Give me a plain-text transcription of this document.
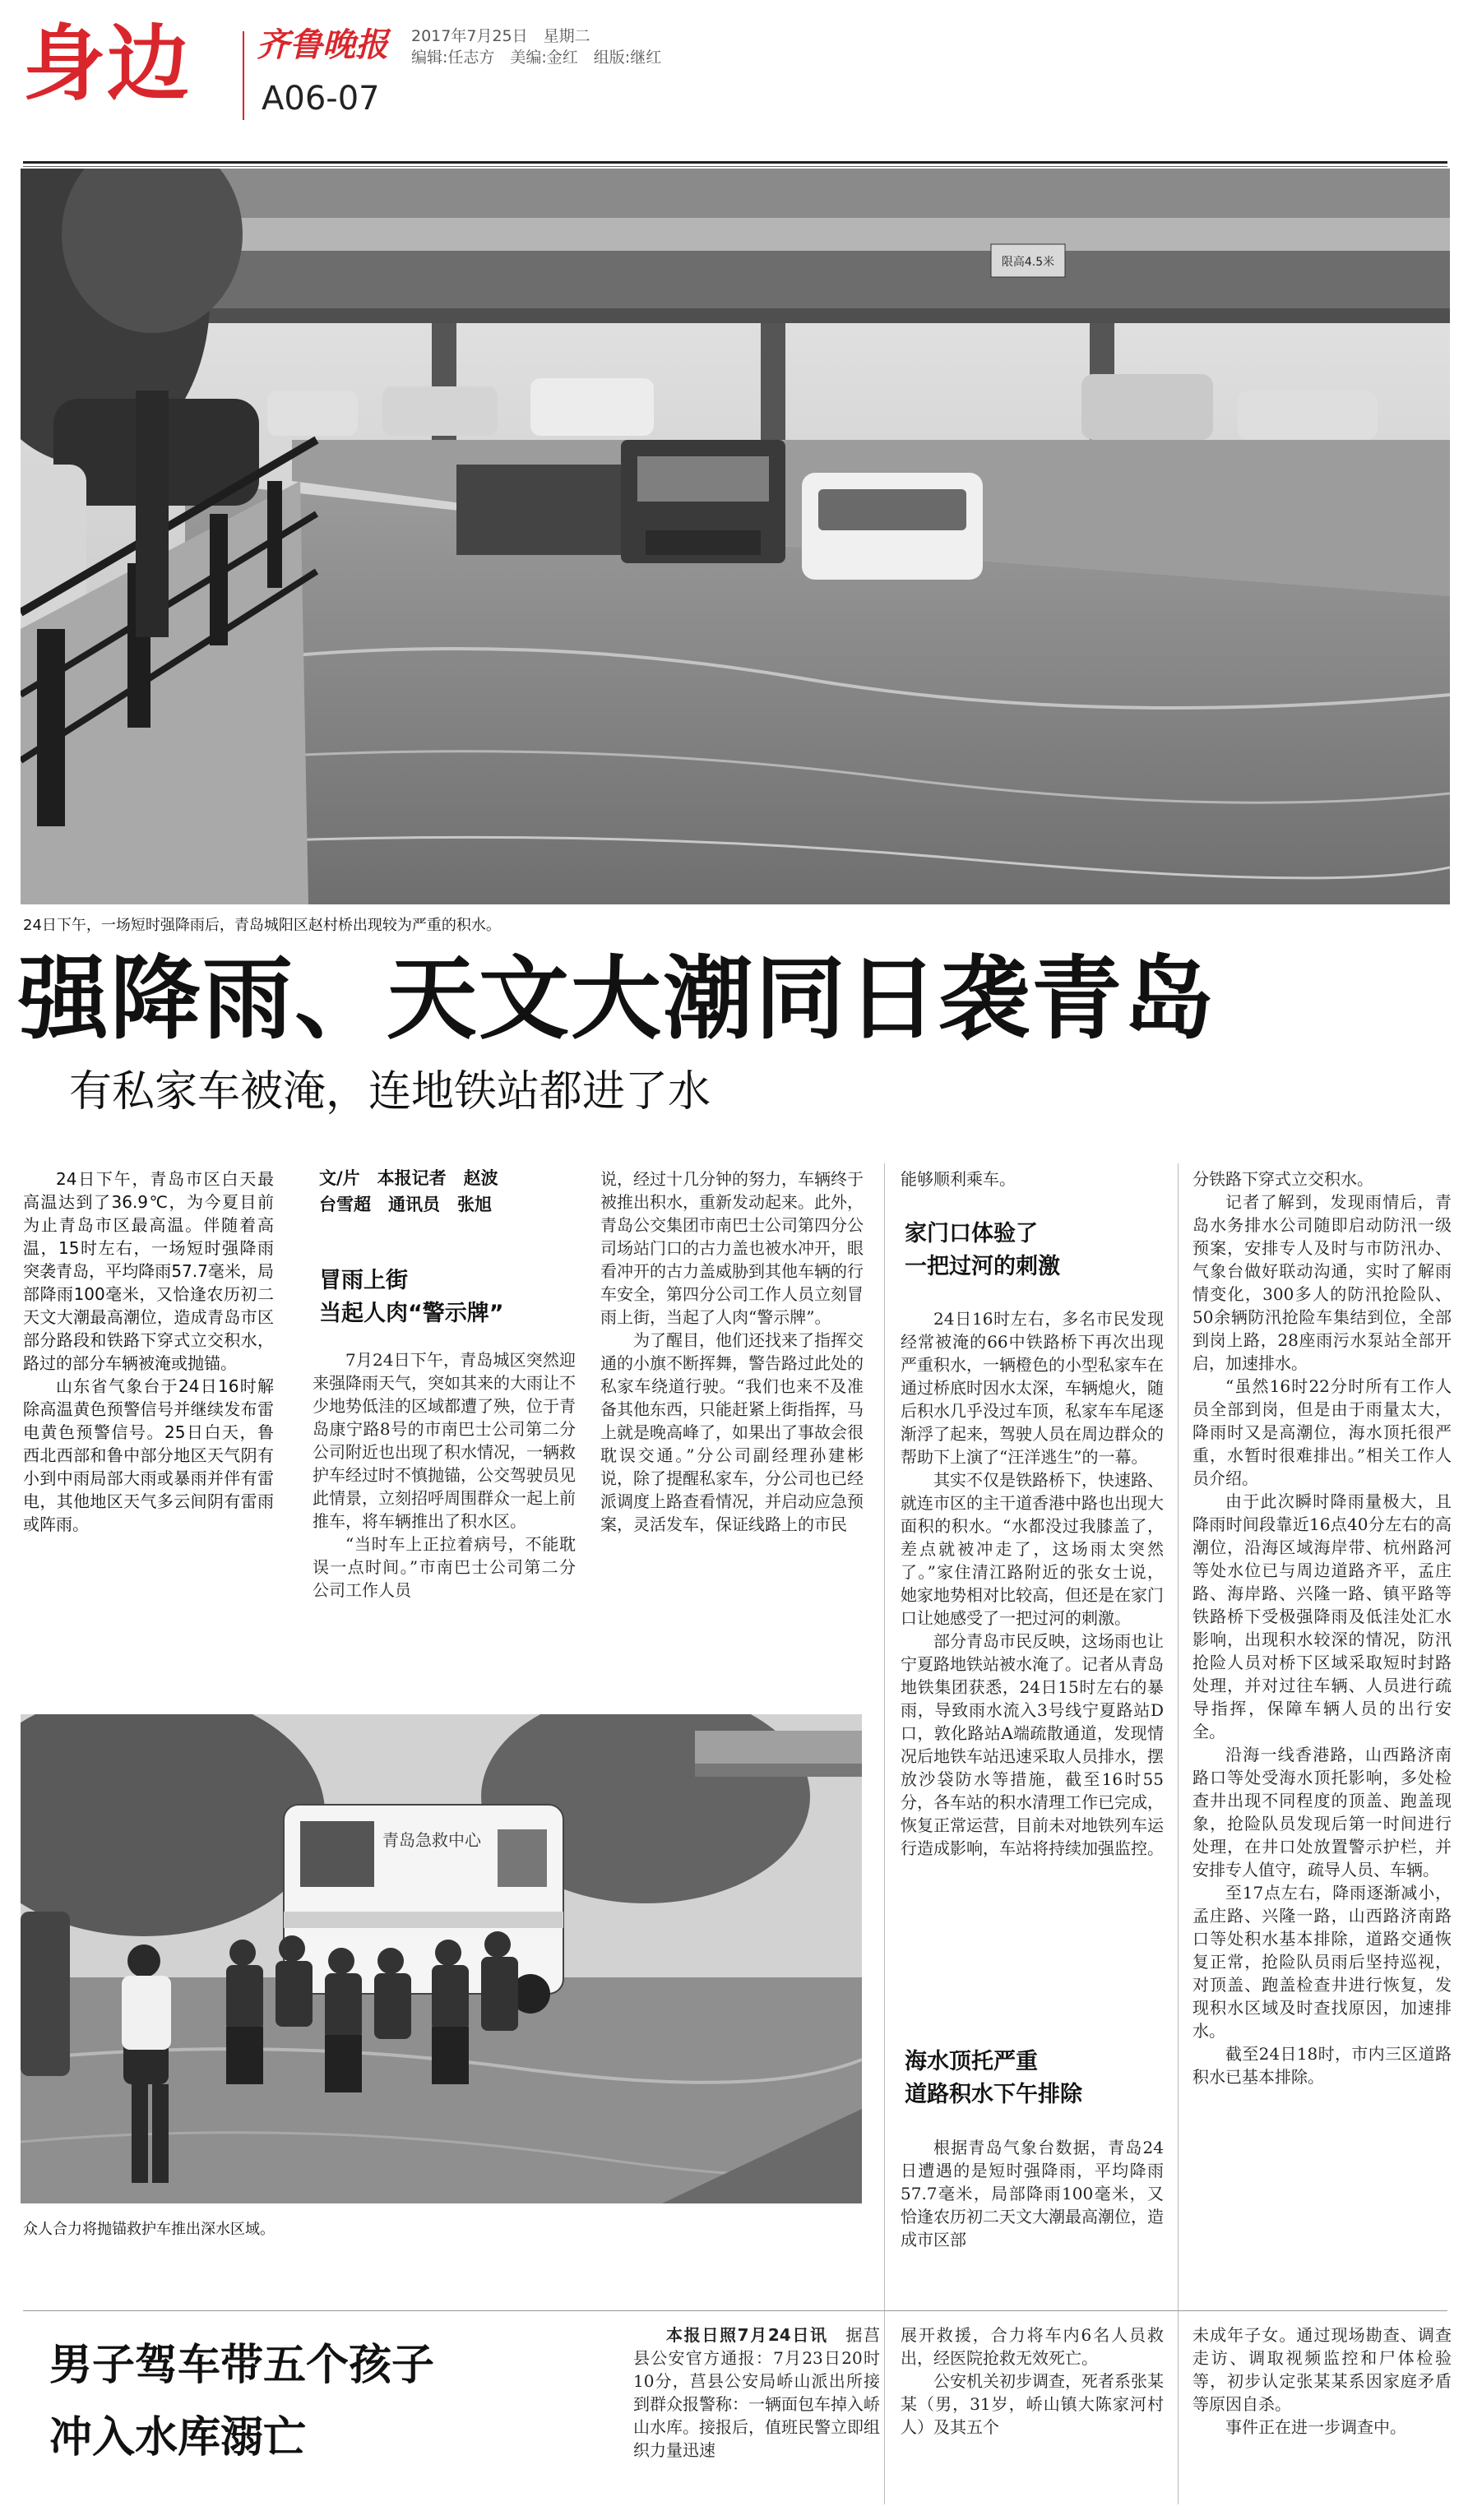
身边 齐鲁晚报
A06-07
2017年7月25日　星期二
编辑:任志方　美编:金红　组版:继红
限高4.5米
24日下午，一场短时强降雨后，青岛城阳区赵村桥出现较为严重的积水。
强降雨、天文大潮同日袭青岛
有私家车被淹，连地铁站都进了水

24日下午，青岛市区白天最高温达到了36.9℃，为今夏目前为止青岛市区最高温。伴随着高温，15时左右，一场短时强降雨突袭青岛，平均降雨57.7毫米，局部降雨100毫米，又恰逢农历初二天文大潮最高潮位，造成青岛市区部分路段和铁路下穿式立交积水，路过的部分车辆被淹或抛锚。

山东省气象台于24日16时解除高温黄色预警信号并继续发布雷电黄色预警信号。25日白天，鲁西北西部和鲁中部分地区天气阴有小到中雨局部大雨或暴雨并伴有雷电，其他地区天气多云间阴有雷雨或阵雨。

文/片　本报记者　赵波
台雪超　通讯员　张旭
冒雨上街
当起人肉“警示牌”

7月24日下午，青岛城区突然迎来强降雨天气，突如其来的大雨让不少地势低洼的区域都遭了殃，位于青岛康宁路8号的市南巴士公司第二分公司附近也出现了积水情况，一辆救护车经过时不慎抛锚，公交驾驶员见此情景，立刻招呼周围群众一起上前推车，将车辆推出了积水区。

“当时车上正拉着病号，不能耽误一点时间。”市南巴士公司第二分公司工作人员

说，经过十几分钟的努力，车辆终于被推出积水，重新发动起来。此外，青岛公交集团市南巴士公司第四分公司场站门口的古力盖也被水冲开，眼看冲开的古力盖威胁到其他车辆的行车安全，第四分公司工作人员立刻冒雨上街，当起了人肉“警示牌”。

为了醒目，他们还找来了指挥交通的小旗不断挥舞，警告路过此处的私家车绕道行驶。“我们也来不及准备其他东西，只能赶紧上街指挥，马上就是晚高峰了，如果出了事故会很耽误交通。”分公司副经理孙建彬说，除了提醒私家车，分公司也已经派调度上路查看情况，并启动应急预案，灵活发车，保证线路上的市民

能够顺利乘车。

家门口体验了
一把过河的刺激

24日16时左右，多名市民发现经常被淹的66中铁路桥下再次出现严重积水，一辆橙色的小型私家车在通过桥底时因水太深，车辆熄火，随后积水几乎没过车顶，私家车车尾逐渐浮了起来，驾驶人员在周边群众的帮助下上演了“汪洋逃生”的一幕。

其实不仅是铁路桥下，快速路、就连市区的主干道香港中路也出现大面积的积水。“水都没过我膝盖了，差点就被冲走了，这场雨太突然了。”家住清江路附近的张女士说，她家地势相对比较高，但还是在家门口让她感受了一把过河的刺激。

部分青岛市民反映，这场雨也让宁夏路地铁站被水淹了。记者从青岛地铁集团获悉，24日15时左右的暴雨，导致雨水流入3号线宁夏路站D口，敦化路站A端疏散通道，发现情况后地铁车站迅速采取人员排水，摆放沙袋防水等措施，截至16时55分，各车站的积水清理工作已完成，恢复正常运营，目前未对地铁列车运行造成影响，车站将持续加强监控。

海水顶托严重
道路积水下午排除

根据青岛气象台数据，青岛24日遭遇的是短时强降雨，平均降雨57.7毫米，局部降雨100毫米，又恰逢农历初二天文大潮最高潮位，造成市区部

分铁路下穿式立交积水。

记者了解到，发现雨情后，青岛水务排水公司随即启动防汛一级预案，安排专人及时与市防汛办、气象台做好联动沟通，实时了解雨情变化，300多人的防汛抢险队、50余辆防汛抢险车集结到位，全部到岗上路，28座雨污水泵站全部开启，加速排水。

“虽然16时22分时所有工作人员全部到岗，但是由于雨量太大，降雨时又是高潮位，海水顶托很严重，水暂时很难排出。”相关工作人员介绍。

由于此次瞬时降雨量极大，且降雨时间段靠近16点40分左右的高潮位，沿海区域海岸带、杭州路河等处水位已与周边道路齐平，孟庄路、海岸路、兴隆一路、镇平路等铁路桥下受极强降雨及低洼处汇水影响，出现积水较深的情况，防汛抢险人员对桥下区域采取短时封路处理，并对过往车辆、人员进行疏导指挥，保障车辆人员的出行安全。

沿海一线香港路，山西路济南路口等处受海水顶托影响，多处检查井出现不同程度的顶盖、跑盖现象，抢险队员发现后第一时间进行处理，在井口处放置警示护栏，并安排专人值守，疏导人员、车辆。

至17点左右，降雨逐渐减小，孟庄路、兴隆一路，山西路济南路口等处积水基本排除，道路交通恢复正常，抢险队员雨后坚持巡视，对顶盖、跑盖检查井进行恢复，发现积水区域及时查找原因，加速排水。

截至24日18时，市内三区道路积水已基本排除。

青岛急救中心
众人合力将抛锚救护车推出深水区域。
男子驾车带五个孩子
冲入水库溺亡

本报日照7月24日讯　 据莒县公安官方通报：7月23日20时10分，莒县公安局峤山派出所接到群众报警称：一辆面包车掉入峤山水库。接报后，值班民警立即组织力量迅速

展开救援，合力将车内6名人员救出，经医院抢救无效死亡。

公安机关初步调查，死者系张某某（男，31岁，峤山镇大陈家河村人）及其五个

未成年子女。通过现场勘查、调查走访、调取视频监控和尸体检验等，初步认定张某某系因家庭矛盾等原因自杀。

事件正在进一步调查中。
